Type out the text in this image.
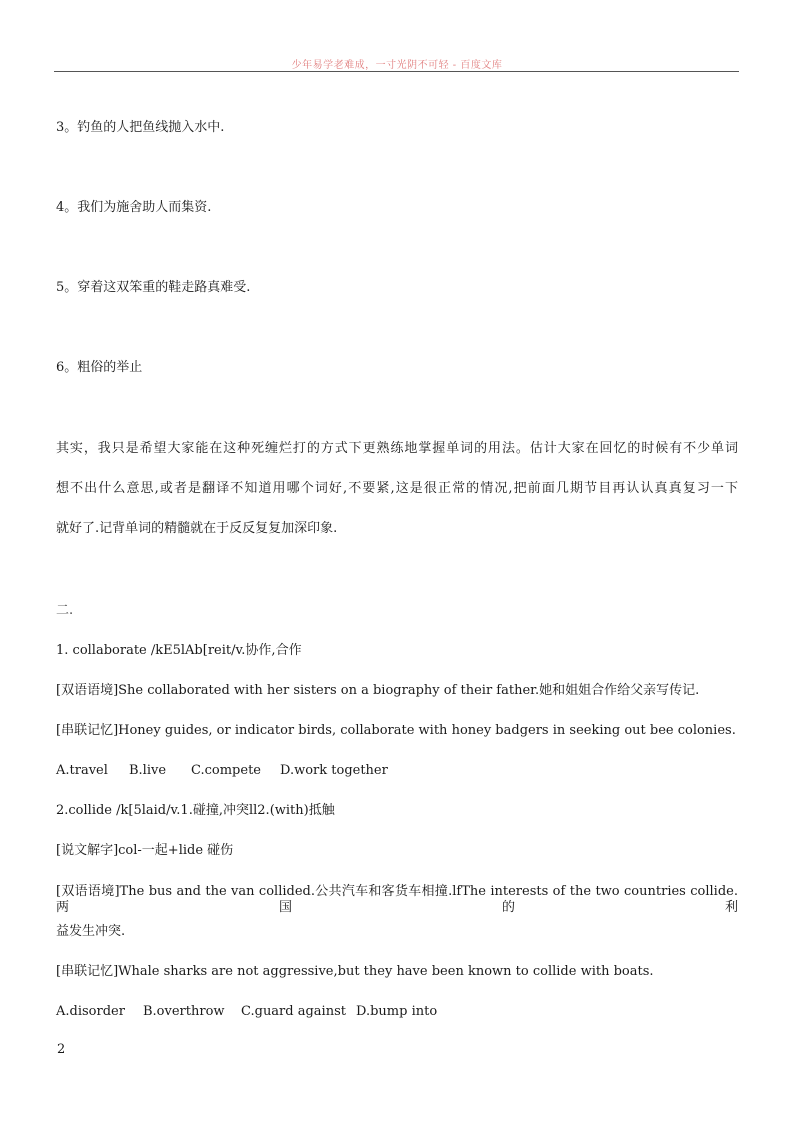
少年易学老难成，一寸光阴不可轻 - 百度文库
3。钓鱼的人把鱼线抛入水中.
4。我们为施舍助人而集资.
5。穿着这双笨重的鞋走路真难受.
6。粗俗的举止
其实，我只是希望大家能在这种死缠烂打的方式下更熟练地掌握单词的用法。估计大家在回忆的时候有不少单词
想不出什么意思,或者是翻译不知道用哪个词好,不要紧,这是很正常的情况,把前面几期节目再认认真真复习一下
就好了.记背单词的精髓就在于反反复复加深印象.
二.
1. collaborate /kE5lAb[reit/v.协作,合作
[双语语境]She collaborated with her sisters on a biography of their father.她和姐姐合作给父亲写传记.
[串联记忆]Honey guides, or indicator birds, collaborate with honey badgers in seeking out bee colonies.
A.travel B.live C.compete D.work together
2.collide /k[5laid/v.1.碰撞,冲突ll2.(with)抵触
[说文解字]col-一起+lide 碰伤
[双语语境]The bus and the van collided.公共汽车和客货车相撞.lfThe interests of the two countries collide.两国的利
益发生冲突.
[串联记忆]Whale sharks are not aggressive,but they have been known to collide with boats.
A.disorder B.overthrow C.guard against D.bump into
2
